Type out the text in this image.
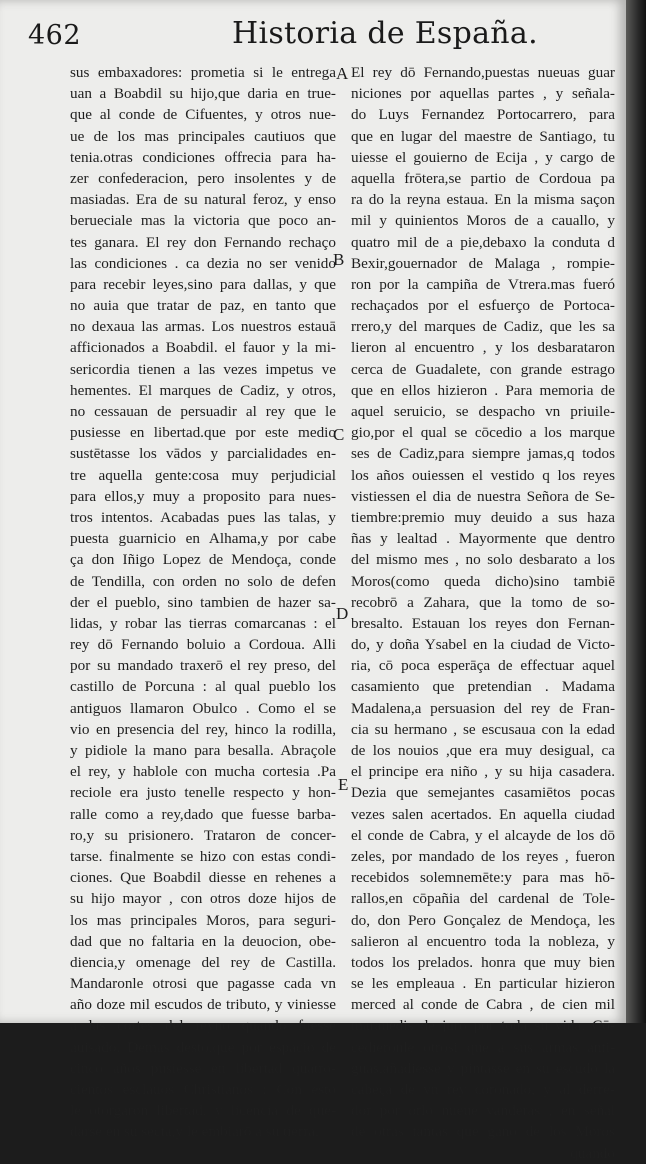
462	Historia de España.
sus embaxadores: prometia si le entrega
uan a Boabdil su hijo,que daria en true-
que al conde de Cifuentes, y otros nue-
ue de los mas principales cautiuos que
tenia.otras condiciones offrecia para ha-
zer confederacion, pero insolentes y de
masiadas. Era de su natural feroz, y enso
berueciale mas la victoria que poco an-
tes ganara. El rey don Fernando rechaço
las condiciones . ca dezia no ser venido
para recebir leyes,sino para dallas, y que
no auia que tratar de paz, en tanto que
no dexaua las armas. Los nuestros estauā
afficionados a Boabdil. el fauor y la mi-
sericordia tienen a las vezes impetus ve
hementes. El marques de Cadiz, y otros,
no cessauan de persuadir al rey que le
pusiesse en libertad.que por este medio
sustētasse los vādos y parcialidades en-
tre aquella gente:cosa muy perjudicial
para ellos,y muy a proposito para nues-
tros intentos. Acabadas pues las talas, y
puesta guarnicio en Alhama,y por cabe
ça don Iñigo Lopez de Mendoça, conde
de Tendilla, con orden no solo de defen
der el pueblo, sino tambien de hazer sa-
lidas, y robar las tierras comarcanas : el
rey dō Fernando boluio a Cordoua. Alli
por su mandado traxerō el rey preso, del
castillo de Porcuna : al qual pueblo los
antiguos llamaron Obulco . Como el se
vio en presencia del rey, hinco la rodilla,
y pidiole la mano para besalla. Abraçole
el rey, y hablole con mucha cortesia .Pa
reciole era justo tenelle respecto y hon-
ralle como a rey,dado que fuesse barba-
ro,y su prisionero. Trataron de concer-
tarse. finalmente se hizo con estas condi-
ciones. Que Boabdil diesse en rehenes a
su hijo mayor , con otros doze hijos de
los mas principales Moros, para seguri-
dad que no faltaria en la deuocion, obe-
diencia,y omenage del rey de Castilla.
Mandaronle otrosi que pagasse cada vn
año doze mil escudos de tributo, y viniesse
a las cortes del reyno quando fuesse
auisado. Demas desto,que por espacio de
cinco años pusiesse en libertad quatro-
cientos esclauos Christianos : Con esto
le otorgaron libertad, y licencia de que-
darse en su secta,y le embiarō a su tierra.
El rey dō Fernando,puestas nueuas guar
niciones por aquellas partes , y señala-
do Luys Fernandez Portocarrero, para
que en lugar del maestre de Santiago, tu
uiesse el gouierno de Ecija , y cargo de
aquella frōtera,se partio de Cordoua pa
ra do la reyna estaua. En la misma saçon
mil y quinientos Moros de a cauallo, y
quatro mil de a pie,debaxo la conduta d
Bexir,gouernador de Malaga , rompie-
ron por la campiña de Vtrera.mas fueró
rechaçados por el esfuerço de Portoca-
rrero,y del marques de Cadiz, que les sa
lieron al encuentro , y los desbarataron
cerca de Guadalete, con grande estrago
que en ellos hizieron . Para memoria de
aquel seruicio, se despacho vn priuile-
gio,por el qual se cōcedio a los marque
ses de Cadiz,para siempre jamas,q todos
los años ouiessen el vestido q los reyes
vistiessen el dia de nuestra Señora de Se-
tiembre:premio muy deuido a sus haza
ñas y lealtad . Mayormente que dentro
del mismo mes , no solo desbarato a los
Moros(como queda dicho)sino tambiē
recobrō a Zahara, que la tomo de so-
bresalto. Estauan los reyes don Fernan-
do, y doña Ysabel en la ciudad de Victo-
ria, cō poca esperāça de effectuar aquel
casamiento que pretendian . Madama
Madalena,a persuasion del rey de Fran-
cia su hermano , se escusaua con la edad
de los nouios ,que era muy desigual, ca
el principe era niño , y su hija casadera.
Dezia que semejantes casamiētos pocas
vezes salen acertados. En aquella ciudad
el conde de Cabra, y el alcayde de los dō
zeles, por mandado de los reyes , fueron
recebidos solemnemēte:y para mas hō-
rallos,en cōpañia del cardenal de Tole-
do, don Pero Gonçalez de Mendoça, les
salieron al encuentro toda la nobleza, y
todos los prelados. honra que muy bien
se les empleaua . En particular hizieron
merced al conde de Cabra , de cien mil
marauedis de juro por toda su vida. Cō-
cedieronle otrosi que a sus armas anti-
guas,añadiesse y pintasse en su escudo la
cabeça de vn rey coronado, y al derre-
dor por orlo nueue vanderas , en señal
de otras tantas que gano de los Moros
quando
A
B
C
D
E
